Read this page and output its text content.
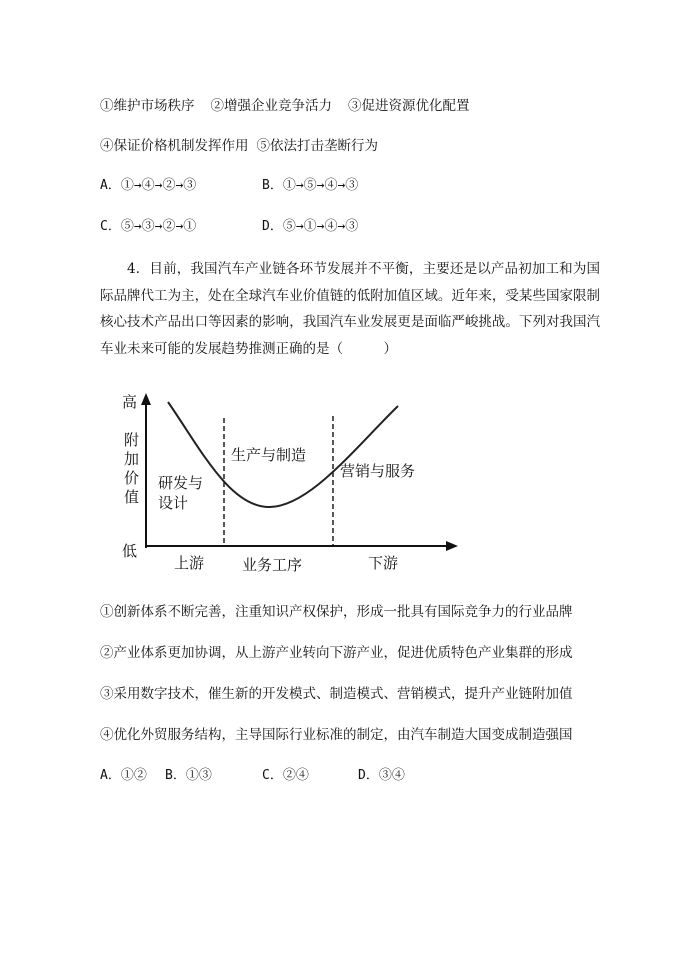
①维护市场秩序 ②增强企业竞争活力 ③促进资源优化配置
④保证价格机制发挥作用 ⑤依法打击垄断行为
A．①→④→②→③	B．①→⑤→④→③
C．⑤→③→②→①	D．⑤→①→④→③
4．目前，我国汽车产业链各环节发展并不平衡，主要还是以产品初加工和为国际品牌代工为主，处在全球汽车业价值链的低附加值区域。近年来，受某些国家限制核心技术产品出口等因素的影响，我国汽车业发展更是面临严峻挑战。下列对我国汽车业未来可能的发展趋势推测正确的是（　　　）
高
附
加
价
值
低
研发与
设计
生产与制造
营销与服务
上游	业务工序	下游
①创新体系不断完善，注重知识产权保护，形成一批具有国际竞争力的行业品牌
②产业体系更加协调，从上游产业转向下游产业，促进优质特色产业集群的形成
③采用数字技术，催生新的开发模式、制造模式、营销模式，提升产业链附加值
④优化外贸服务结构，主导国际行业标准的制定，由汽车制造大国变成制造强国
A．①② B．①③	C．②④	D．③④
